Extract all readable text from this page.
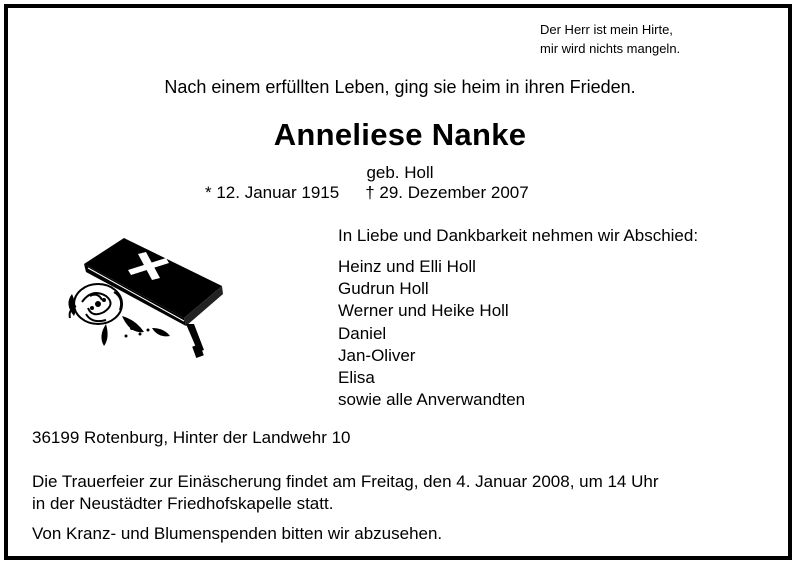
Der Herr ist mein Hirte,
mir wird nichts mangeln.
Nach einem erfüllten Leben, ging sie heim in ihren Frieden.
Anneliese Nanke
geb. Holl
* 12. Januar 1915 † 29. Dezember 2007
In Liebe und Dankbarkeit nehmen wir Abschied:
Heinz und Elli Holl
Gudrun Holl
Werner und Heike Holl
Daniel
Jan-Oliver
Elisa
sowie alle Anverwandten
36199 Rotenburg, Hinter der Landwehr 10
Die Trauerfeier zur Einäscherung findet am Freitag, den 4. Januar 2008, um 14 Uhr
in der Neustädter Friedhofskapelle statt.
Von Kranz- und Blumenspenden bitten wir abzusehen.
